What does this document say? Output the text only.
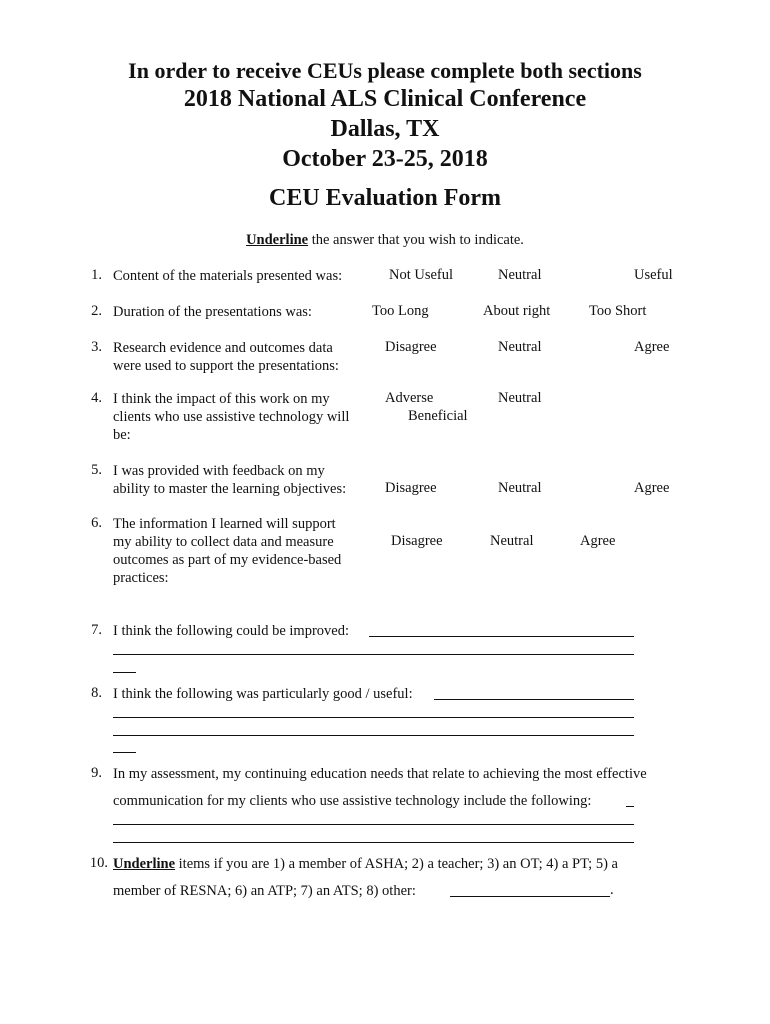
In order to receive CEUs please complete both sections
2018 National ALS Clinical Conference
Dallas, TX
October 23-25, 2018
CEU Evaluation Form
Underline the answer that you wish to indicate.
1. Content of the materials presented was:	Not Useful	Neutral	Useful
2. Duration of the presentations was:	Too Long	About right	Too Short
3. Research evidence and outcomes data
were used to support the presentations:
Disagree	Neutral	Agree
4. I think the impact of this work on my
clients who use assistive technology will
be:
Adverse	Neutral
Beneficial
5. I was provided with feedback on my
ability to master the learning objectives:	Disagree	Neutral	Agree
6. The information I learned will support
my ability to collect data and measure
outcomes as part of my evidence-based
practices:
Disagree	Neutral	Agree
7. I think the following could be improved:
8. I think the following was particularly good / useful:
9. In my assessment, my continuing education needs that relate to achieving the most effective
communication for my clients who use assistive technology include the following:
10. Underline items if you are 1) a member of ASHA; 2) a teacher; 3) an OT; 4) a PT; 5) a
member of RESNA; 6) an ATP; 7) an ATS; 8) other:	.
